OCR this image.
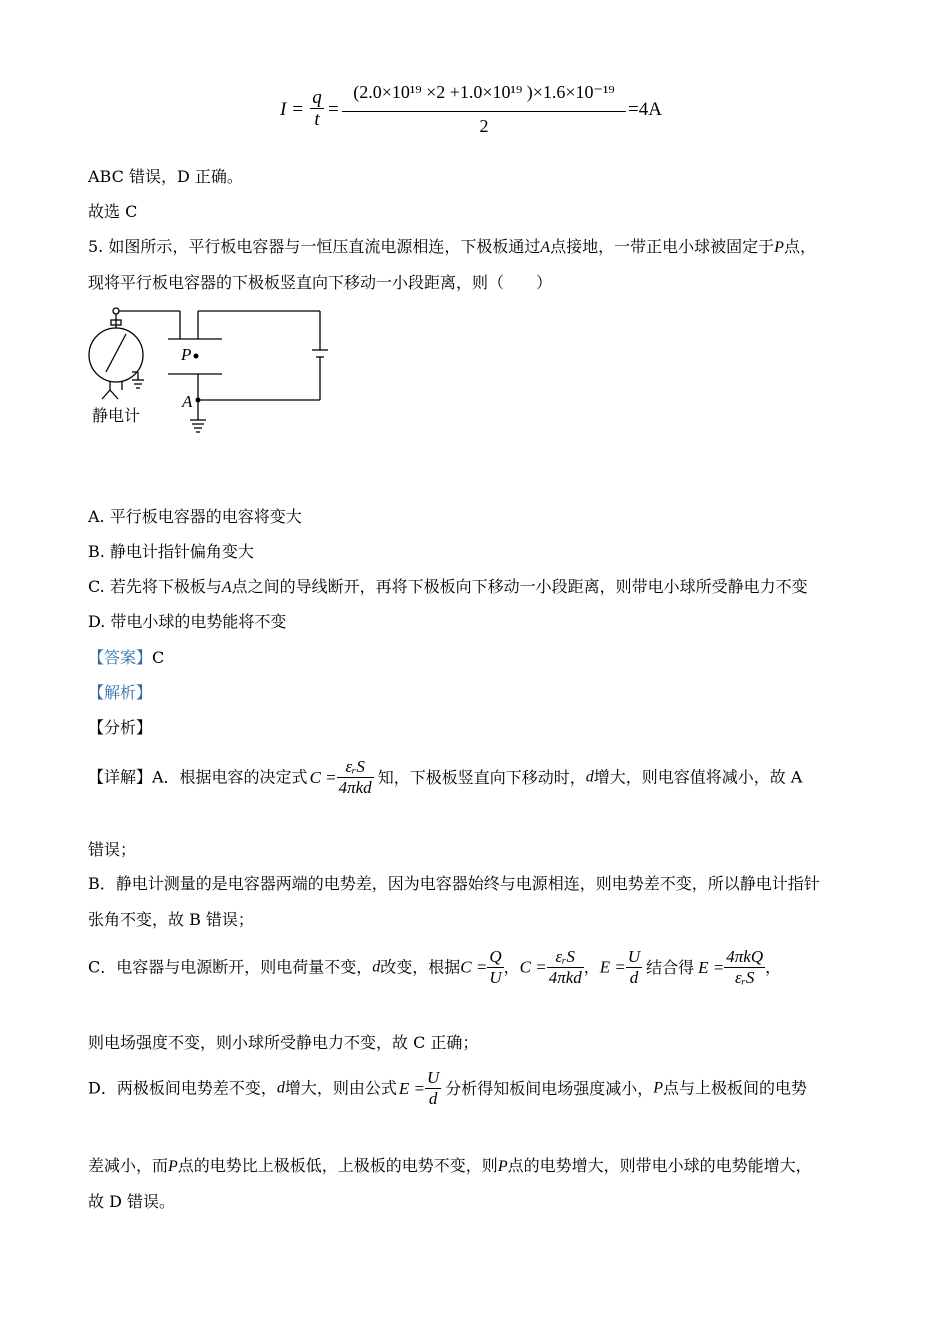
I =
q
t =
(2.0×10¹⁹ ×2 +1.0×10¹⁹ )×1.6×10⁻¹⁹
2
=4A
ABC 错误，D 正确。
故选 C
5. 如图所示，平行板电容器与一恒压直流电源相连，下极板通过A点接地，一带正电小球被固定于P点，
现将平行板电容器的下极板竖直向下移动一小段距离，则（　　）
P
A
静电计
A. 平行板电容器的电容将变大
B. 静电计指针偏角变大
C. 若先将下极板与A点之间的导线断开，再将下极板向下移动一小段距离，则带电小球所受静电力不变
D. 带电小球的电势能将不变
【答案】C
【解析】
【分析】
【详解】A．根据电容的决定式 $C = \frac{\text{εᵣS}}{\text{4πkd}}$ 知，下极板竖直向下移动时，d增大，则电容值将减小，故 A
错误；
B．静电计测量的是电容器两端的电势差，因为电容器始终与电源相连，则电势差不变，所以静电计指针
张角不变，故 B 错误；
C．电容器与电源断开，则电荷量不变，d改变，根据$C = \frac{Q}{U}$ ，$C = \frac{\text{εᵣS}}{\text{4πkd}}$ ，$E = \frac{U}{d}$ 结合得 $E = \frac{\text{4πkQ}}{\text{εᵣS}}$ ，
则电场强度不变，则小球所受静电力不变，故 C 正确；
D．两极板间电势差不变，d增大，则由公式 $E = \frac{U}{d}$ 分析得知板间电场强度减小，P点与上极板间的电势
差减小，而P点的电势比上极板低，上极板的电势不变，则P点的电势增大，则带电小球的电势能增大，
故 D 错误。
